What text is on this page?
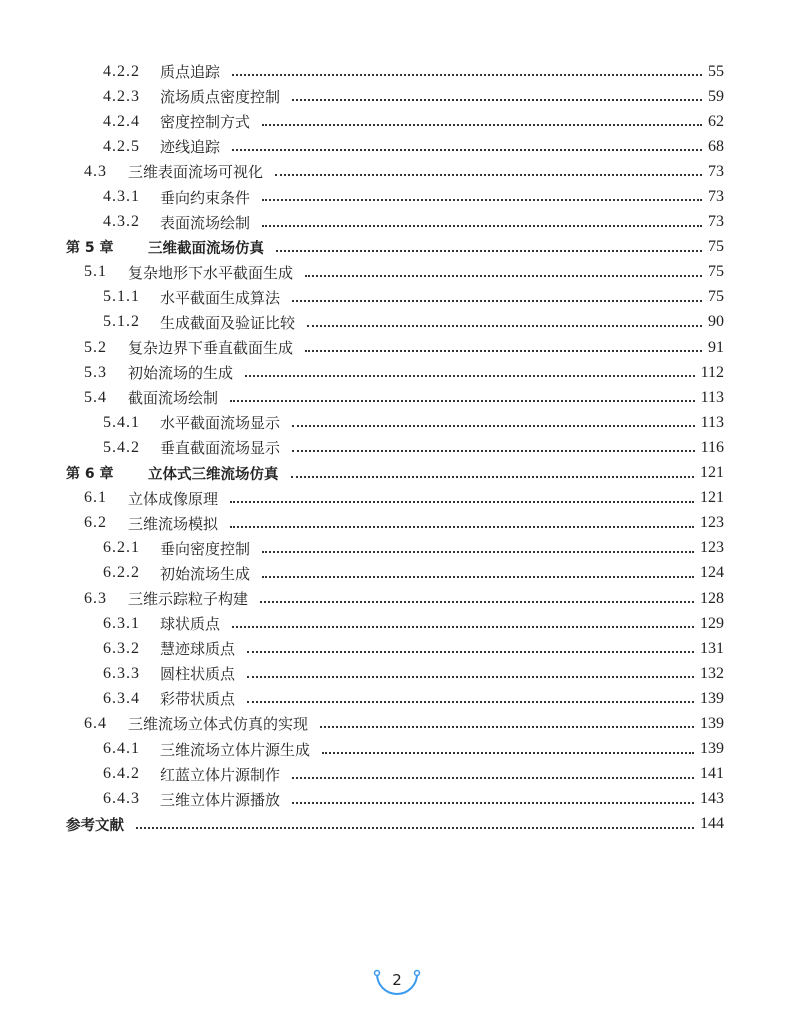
4.2.2 质点追踪	55
4.2.3 流场质点密度控制	59
4.2.4 密度控制方式	62
4.2.5 迹线追踪	68
4.3 三维表面流场可视化	73
4.3.1 垂向约束条件	73
4.3.2 表面流场绘制	73
第 5 章 三维截面流场仿真	75
5.1 复杂地形下水平截面生成	75
5.1.1 水平截面生成算法	75
5.1.2 生成截面及验证比较	90
5.2 复杂边界下垂直截面生成	91
5.3 初始流场的生成	112
5.4 截面流场绘制	113
5.4.1 水平截面流场显示	113
5.4.2 垂直截面流场显示	116
第 6 章 立体式三维流场仿真	121
6.1 立体成像原理	121
6.2 三维流场模拟	123
6.2.1 垂向密度控制	123
6.2.2 初始流场生成	124
6.3 三维示踪粒子构建	128
6.3.1 球状质点	129
6.3.2 慧迹球质点	131
6.3.3 圆柱状质点	132
6.3.4 彩带状质点	139
6.4 三维流场立体式仿真的实现	139
6.4.1 三维流场立体片源生成	139
6.4.2 红蓝立体片源制作	141
6.4.3 三维立体片源播放	143
参考文献	144
2
